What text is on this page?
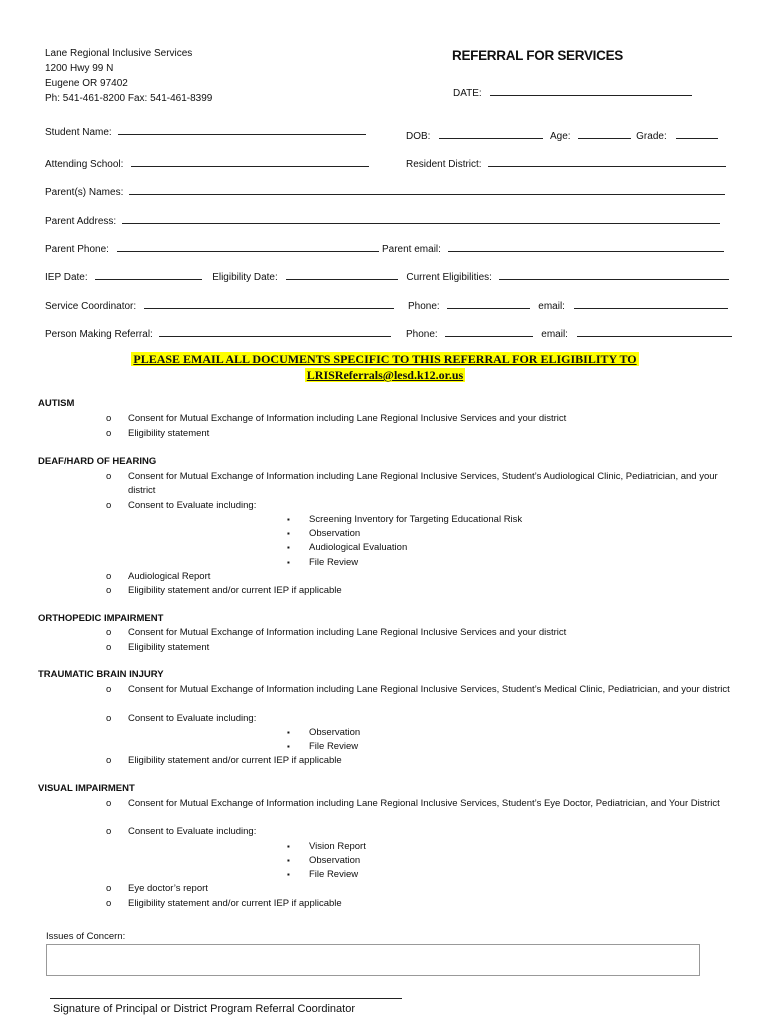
Lane Regional Inclusive Services
1200 Hwy 99 N
Eugene OR 97402
Ph: 541-461-8200 Fax: 541-461-8399
REFERRAL FOR SERVICES
DATE:
Student Name:	DOB:	Age:	Grade:
Attending School:	Resident District:
Parent(s) Names:
Parent Address:
Parent Phone:	Parent email:
IEP Date:	Eligibility Date:	Current Eligibilities:
Service Coordinator:	Phone:	email:
Person Making Referral:	Phone:	email:
PLEASE EMAIL ALL DOCUMENTS SPECIFIC TO THIS REFERRAL FOR ELIGIBILITY TO
LRISReferrals@lesd.k12.or.us
AUTISM
o Consent for Mutual Exchange of Information including Lane Regional Inclusive Services and your district
o Eligibility statement
DEAF/HARD OF HEARING
o Consent for Mutual Exchange of Information including Lane Regional Inclusive Services, Student’s Audiological Clinic, Pediatrician, and your district
o Consent to Evaluate including:
▪ Screening Inventory for Targeting Educational Risk
▪ Observation
▪ Audiological Evaluation
▪ File Review
o Audiological Report
o Eligibility statement and/or current IEP if applicable
ORTHOPEDIC IMPAIRMENT
o Consent for Mutual Exchange of Information including Lane Regional Inclusive Services and your district
o Eligibility statement
TRAUMATIC BRAIN INJURY
o Consent for Mutual Exchange of Information including Lane Regional Inclusive Services, Student’s Medical Clinic, Pediatrician, and your district
o Consent to Evaluate including:
▪ Observation
▪ File Review
o Eligibility statement and/or current IEP if applicable
VISUAL IMPAIRMENT
o Consent for Mutual Exchange of Information including Lane Regional Inclusive Services, Student’s Eye Doctor, Pediatrician, and Your District
o Consent to Evaluate including:
▪ Vision Report
▪ Observation
▪ File Review
o Eye doctor’s report
o Eligibility statement and/or current IEP if applicable
Issues of Concern:
Signature of Principal or District Program Referral Coordinator
